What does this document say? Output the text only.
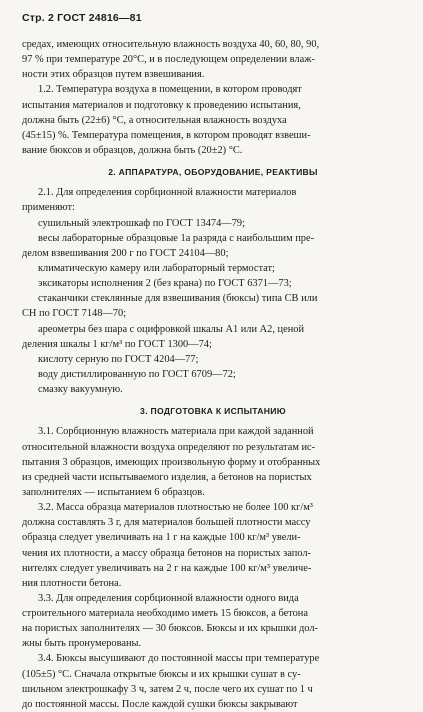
Стр. 2 ГОСТ 24816—81
средах, имеющих относительную влажность воздуха 40, 60, 80, 90,
97 % при температуре 20°С, и в последующем определении влаж-
ности этих образцов путем взвешивания.
1.2. Температура воздуха в помещении, в котором проводят
испытания материалов и подготовку к проведению испытания,
должна быть (22±6) °С, а относительная влажность воздуха
(45±15) %. Температура помещения, в котором проводят взвеши-
вание бюксов и образцов, должна быть (20±2) °С.
2. АППАРАТУРА, ОБОРУДОВАНИЕ, РЕАКТИВЫ
2.1. Для определения сорбционной влажности материалов
применяют:
сушильный электрошкаф по ГОСТ 13474—79;
весы лабораторные образцовые 1а разряда с наибольшим пре-
делом взвешивания 200 г по ГОСТ 24104—80;
климатическую камеру или лабораторный термостат;
эксикаторы исполнения 2 (без крана) по ГОСТ 6371—73;
стаканчики стеклянные для взвешивания (бюксы) типа СВ или
СН по ГОСТ 7148—70;
ареометры без шара с оцифровкой шкалы А1 или А2, ценой
деления шкалы 1 кг/м³ по ГОСТ 1300—74;
кислоту серную по ГОСТ 4204—77;
воду дистиллированную по ГОСТ 6709—72;
смазку вакуумную.
3. ПОДГОТОВКА К ИСПЫТАНИЮ
3.1. Сорбционную влажность материала при каждой заданной
относительной влажности воздуха определяют по результатам ис-
пытания 3 образцов, имеющих произвольную форму и отобранных
из средней части испытываемого изделия, а бетонов на пористых
заполнителях — испытанием 6 образцов.
3.2. Масса образца материалов плотностью не более 100 кг/м³
должна составлять 3 г, для материалов большей плотности массу
образца следует увеличивать на 1 г на каждые 100 кг/м³ увели-
чения их плотности, а массу образца бетонов на пористых запол-
нителях следует увеличивать на 2 г на каждые 100 кг/м³ увеличе-
ния плотности бетона.
3.3. Для определения сорбционной влажности одного вида
строительного материала необходимо иметь 15 бюксов, а бетона
на пористых заполнителях — 30 бюксов. Бюксы и их крышки дол-
жны быть пронумерованы.
3.4. Бюксы высушивают до постоянной массы при температуре
(105±5) °С. Сначала открытые бюксы и их крышки сушат в су-
шильном электрошкафу 3 ч, затем 2 ч, после чего их сушат по 1 ч
до постоянной массы. После каждой сушки бюксы закрывают
